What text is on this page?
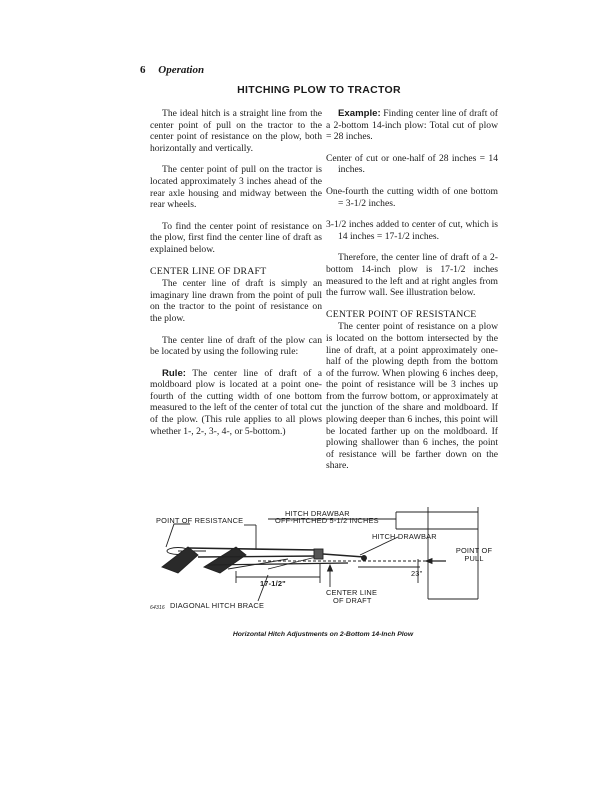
6 Operation
HITCHING PLOW TO TRACTOR

The ideal hitch is a straight line from the center point of pull on the tractor to the center point of resistance on the plow, both horizontally and vertically.

The center point of pull on the tractor is located approximately 3 inches ahead of the rear axle housing and midway between the rear wheels.

To find the center point of resistance on the plow, first find the center line of draft as explained below.

CENTER LINE OF DRAFT

The center line of draft is simply an imaginary line drawn from the point of pull on the tractor to the point of resistance on the plow.

The center line of draft of the plow can be located by using the following rule:

Rule: The center line of draft of a moldboard plow is located at a point one-fourth of the cutting width of one bottom measured to the left of the center of total cut of the plow. (This rule applies to all plows whether 1-, 2-, 3-, 4-, or 5-bottom.)

Example: Finding center line of draft of a 2-bottom 14-inch plow: Total cut of plow = 28 inches.

Center of cut or one-half of 28 inches = 14 inches.

One-fourth the cutting width of one bottom = 3-1/2 inches.

3-1/2 inches added to center of cut, which is 14 inches = 17-1/2 inches.

Therefore, the center line of draft of a 2-bottom 14-inch plow is 17-1/2 inches measured to the left and at right angles from the furrow wall. See illustration below.

CENTER POINT OF RESISTANCE

The center point of resistance on a plow is located on the bottom intersected by the line of draft, at a point approximately one-half of the plowing depth from the bottom of the furrow. When plowing 6 inches deep, the point of resistance will be 3 inches up from the furrow bottom, or approximately at the junction of the share and moldboard. If plowing deeper than 6 inches, this point will be located farther up on the moldboard. If plowing shallower than 6 inches, the point of resistance will be farther down on the share.

POINT OF RESISTANCE
HITCH DRAWBAR
OFF-HITCHED 5-1/2 INCHES
HITCH DRAWBAR
POINT OF PULL
17-1/2"
23"
CENTER LINE
OF DRAFT
64316 DIAGONAL HITCH BRACE
Horizontal Hitch Adjustments on 2-Bottom 14-Inch Plow
